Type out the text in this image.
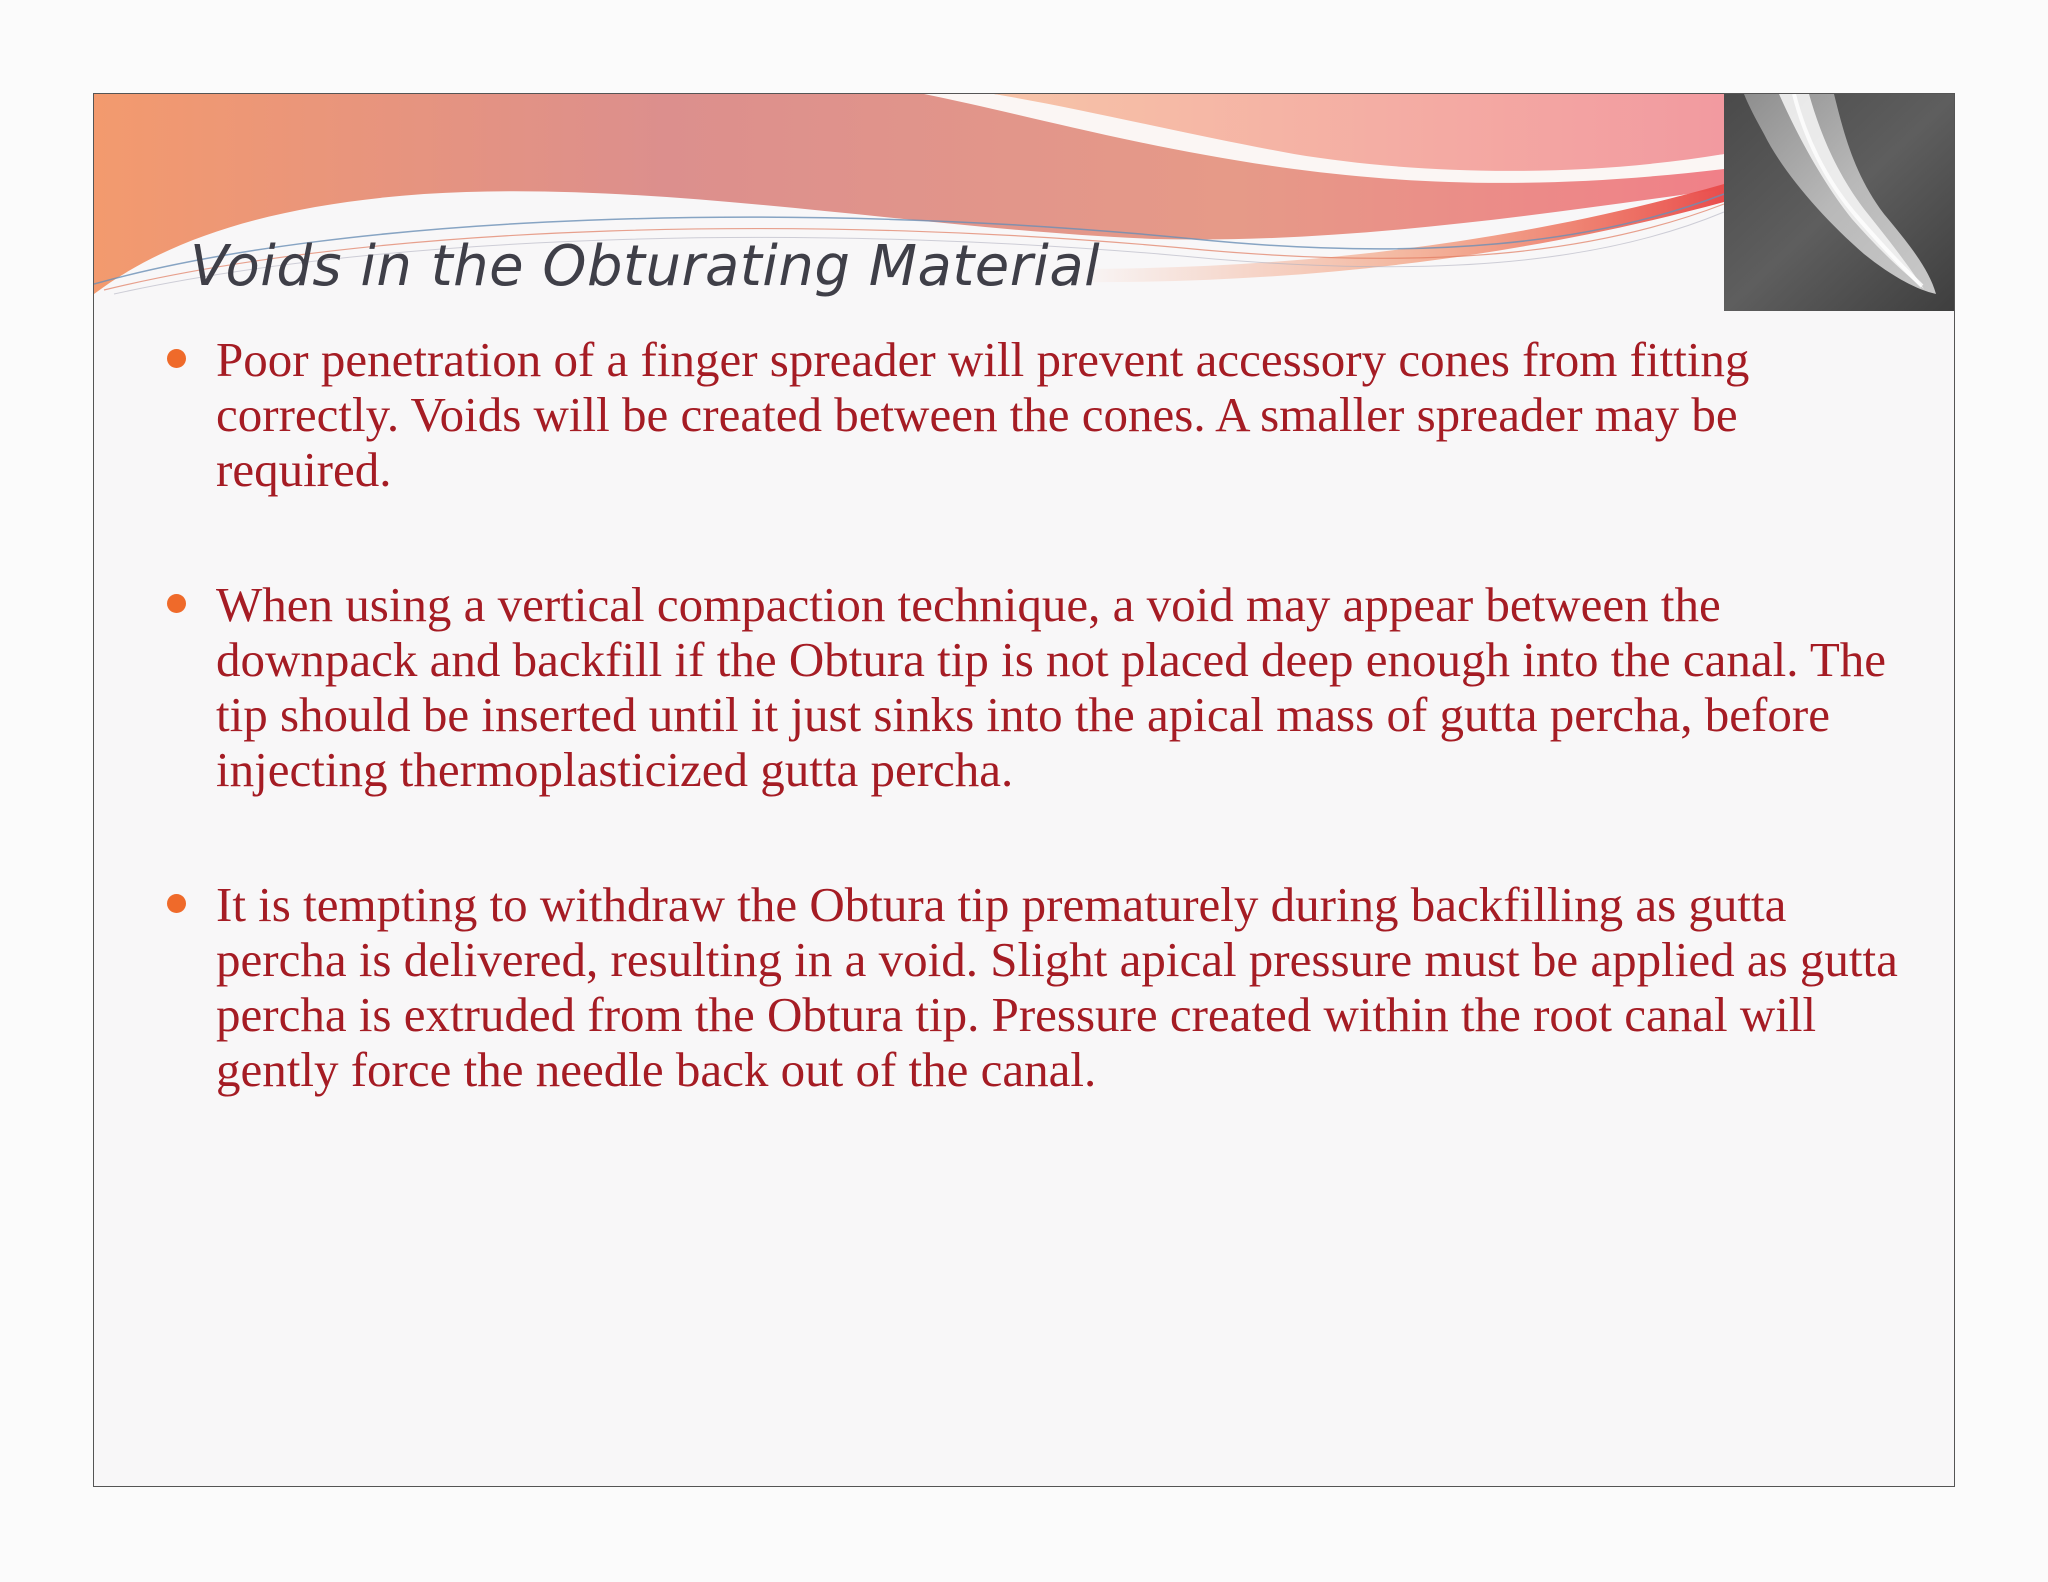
Voids in the Obturating Material
Poor penetration of a finger spreader will prevent accessory cones from fitting correctly. Voids will be created between the cones. A smaller spreader may be required.
When using a vertical compaction technique, a void may appear between the downpack and backfill if the Obtura tip is not placed deep enough into the canal. The tip should be inserted until it just sinks into the apical mass of gutta percha, before injecting thermoplasticized gutta percha.
It is tempting to withdraw the Obtura tip prematurely during backfilling as gutta percha is delivered, resulting in a void. Slight apical pressure must be applied as gutta percha is extruded from the Obtura tip. Pressure created within the root canal will gently force the needle back out of the canal.
